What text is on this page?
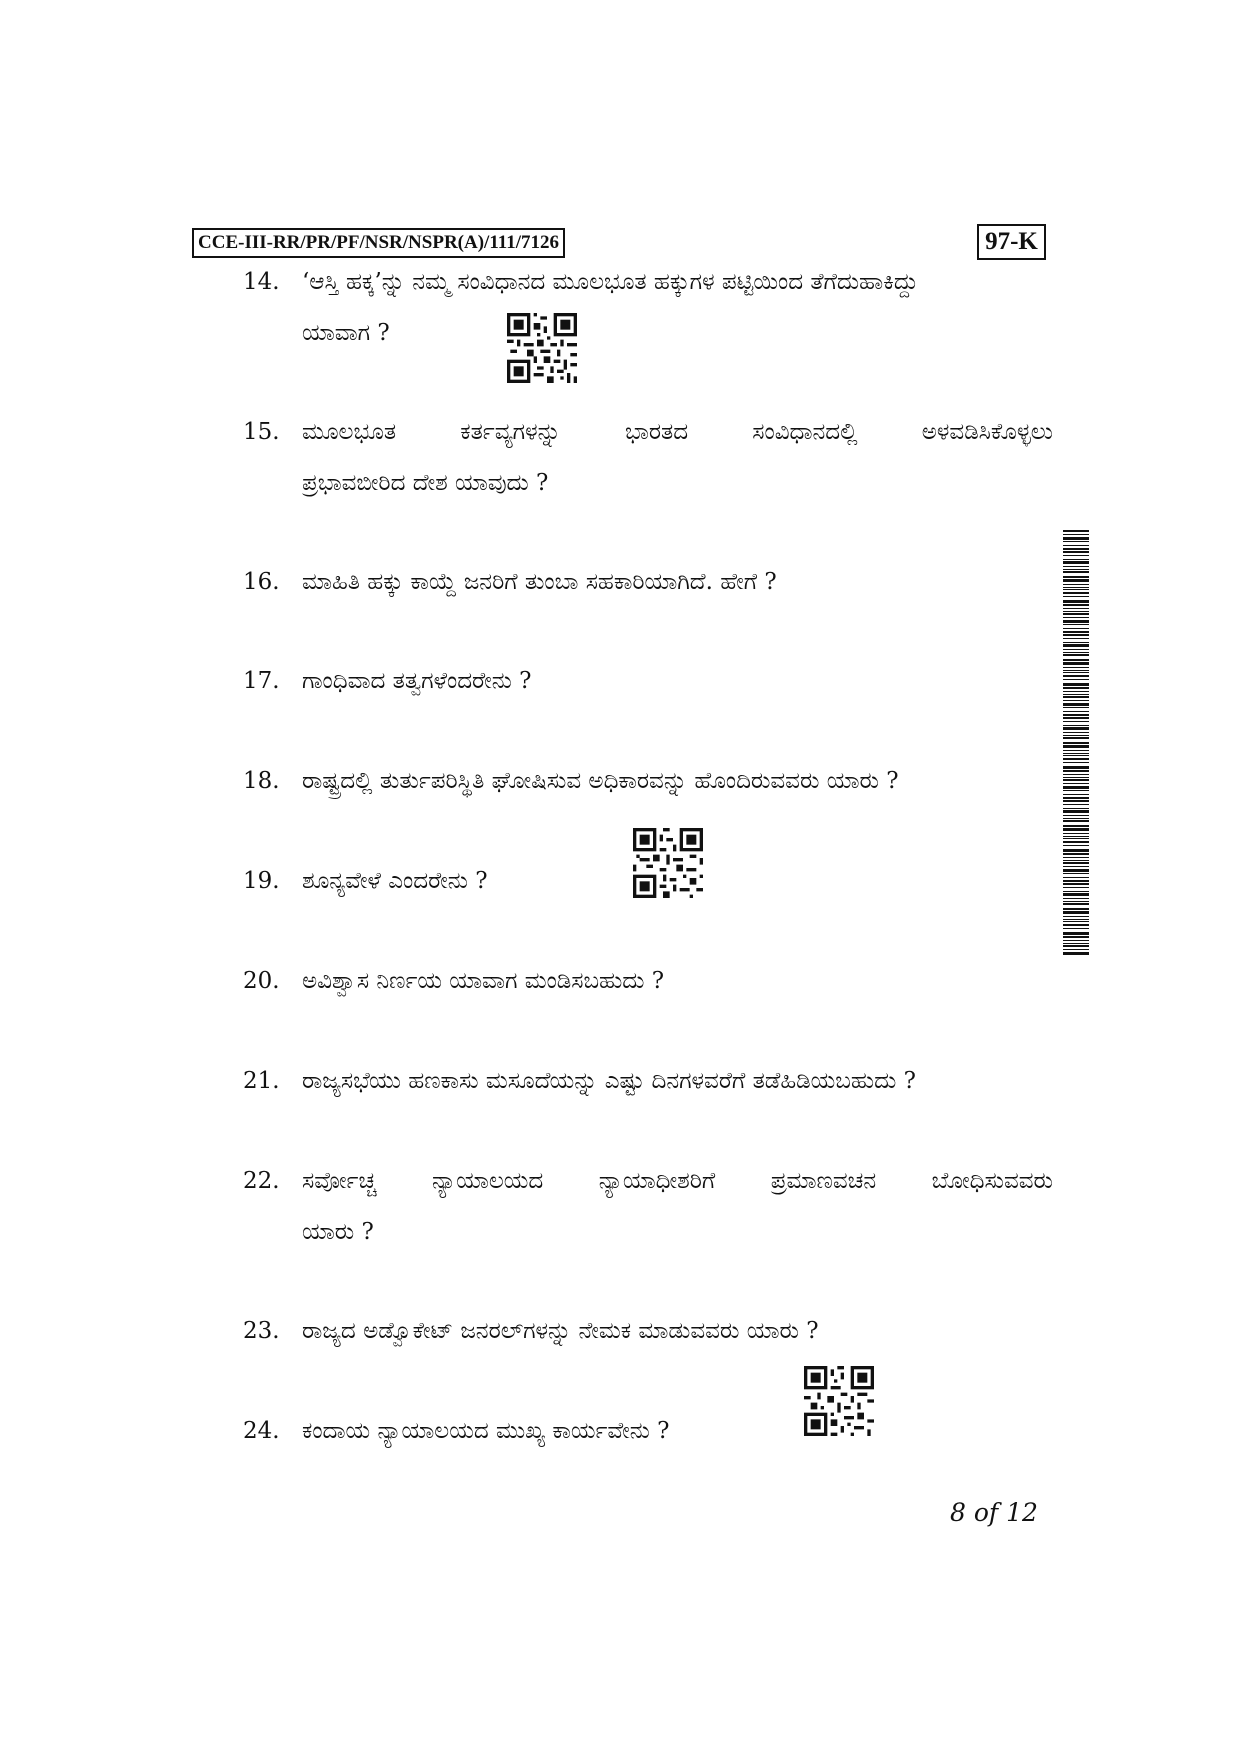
CCE-III-RR/PR/PF/NSR/NSPR(A)/111/7126	97-K
14. ‘ಆಸ್ತಿ ಹಕ್ಕ’ನ್ನು ನಮ್ಮ ಸಂವಿಧಾನದ ಮೂಲಭೂತ ಹಕ್ಕುಗಳ ಪಟ್ಟಿಯಿಂದ ತೆಗೆದುಹಾಕಿದ್ದು
ಯಾವಾಗ ?
15. ಮೂಲಭೂತ ಕರ್ತವ್ಯಗಳನ್ನು ಭಾರತದ ಸಂವಿಧಾನದಲ್ಲಿ ಅಳವಡಿಸಿಕೊಳ್ಳಲು
ಪ್ರಭಾವಬೀರಿದ ದೇಶ ಯಾವುದು ?
16. ಮಾಹಿತಿ ಹಕ್ಕು ಕಾಯ್ದೆ ಜನರಿಗೆ ತುಂಬಾ ಸಹಕಾರಿಯಾಗಿದೆ. ಹೇಗೆ ?
17. ಗಾಂಧಿವಾದ ತತ್ವಗಳೆಂದರೇನು ?
18. ರಾಷ್ಟ್ರದಲ್ಲಿ ತುರ್ತುಪರಿಸ್ಥಿತಿ ಘೋಷಿಸುವ ಅಧಿಕಾರವನ್ನು ಹೊಂದಿರುವವರು ಯಾರು ?
19. ಶೂನ್ಯವೇಳೆ ಎಂದರೇನು ?
20. ಅವಿಶ್ವಾಸ ನಿರ್ಣಯ ಯಾವಾಗ ಮಂಡಿಸಬಹುದು ?
21. ರಾಜ್ಯಸಭೆಯು ಹಣಕಾಸು ಮಸೂದೆಯನ್ನು ಎಷ್ಟು ದಿನಗಳವರೆಗೆ ತಡೆಹಿಡಿಯಬಹುದು ?
22. ಸರ್ವೋಚ್ಚ ನ್ಯಾಯಾಲಯದ ನ್ಯಾಯಾಧೀಶರಿಗೆ ಪ್ರಮಾಣವಚನ ಬೋಧಿಸುವವರು
ಯಾರು ?
23. ರಾಜ್ಯದ ಅಡ್ವೊಕೇಟ್ ಜನರಲ್‌ಗಳನ್ನು ನೇಮಕ ಮಾಡುವವರು ಯಾರು ?
24. ಕಂದಾಯ ನ್ಯಾಯಾಲಯದ ಮುಖ್ಯ ಕಾರ್ಯವೇನು ?
8 of 12
